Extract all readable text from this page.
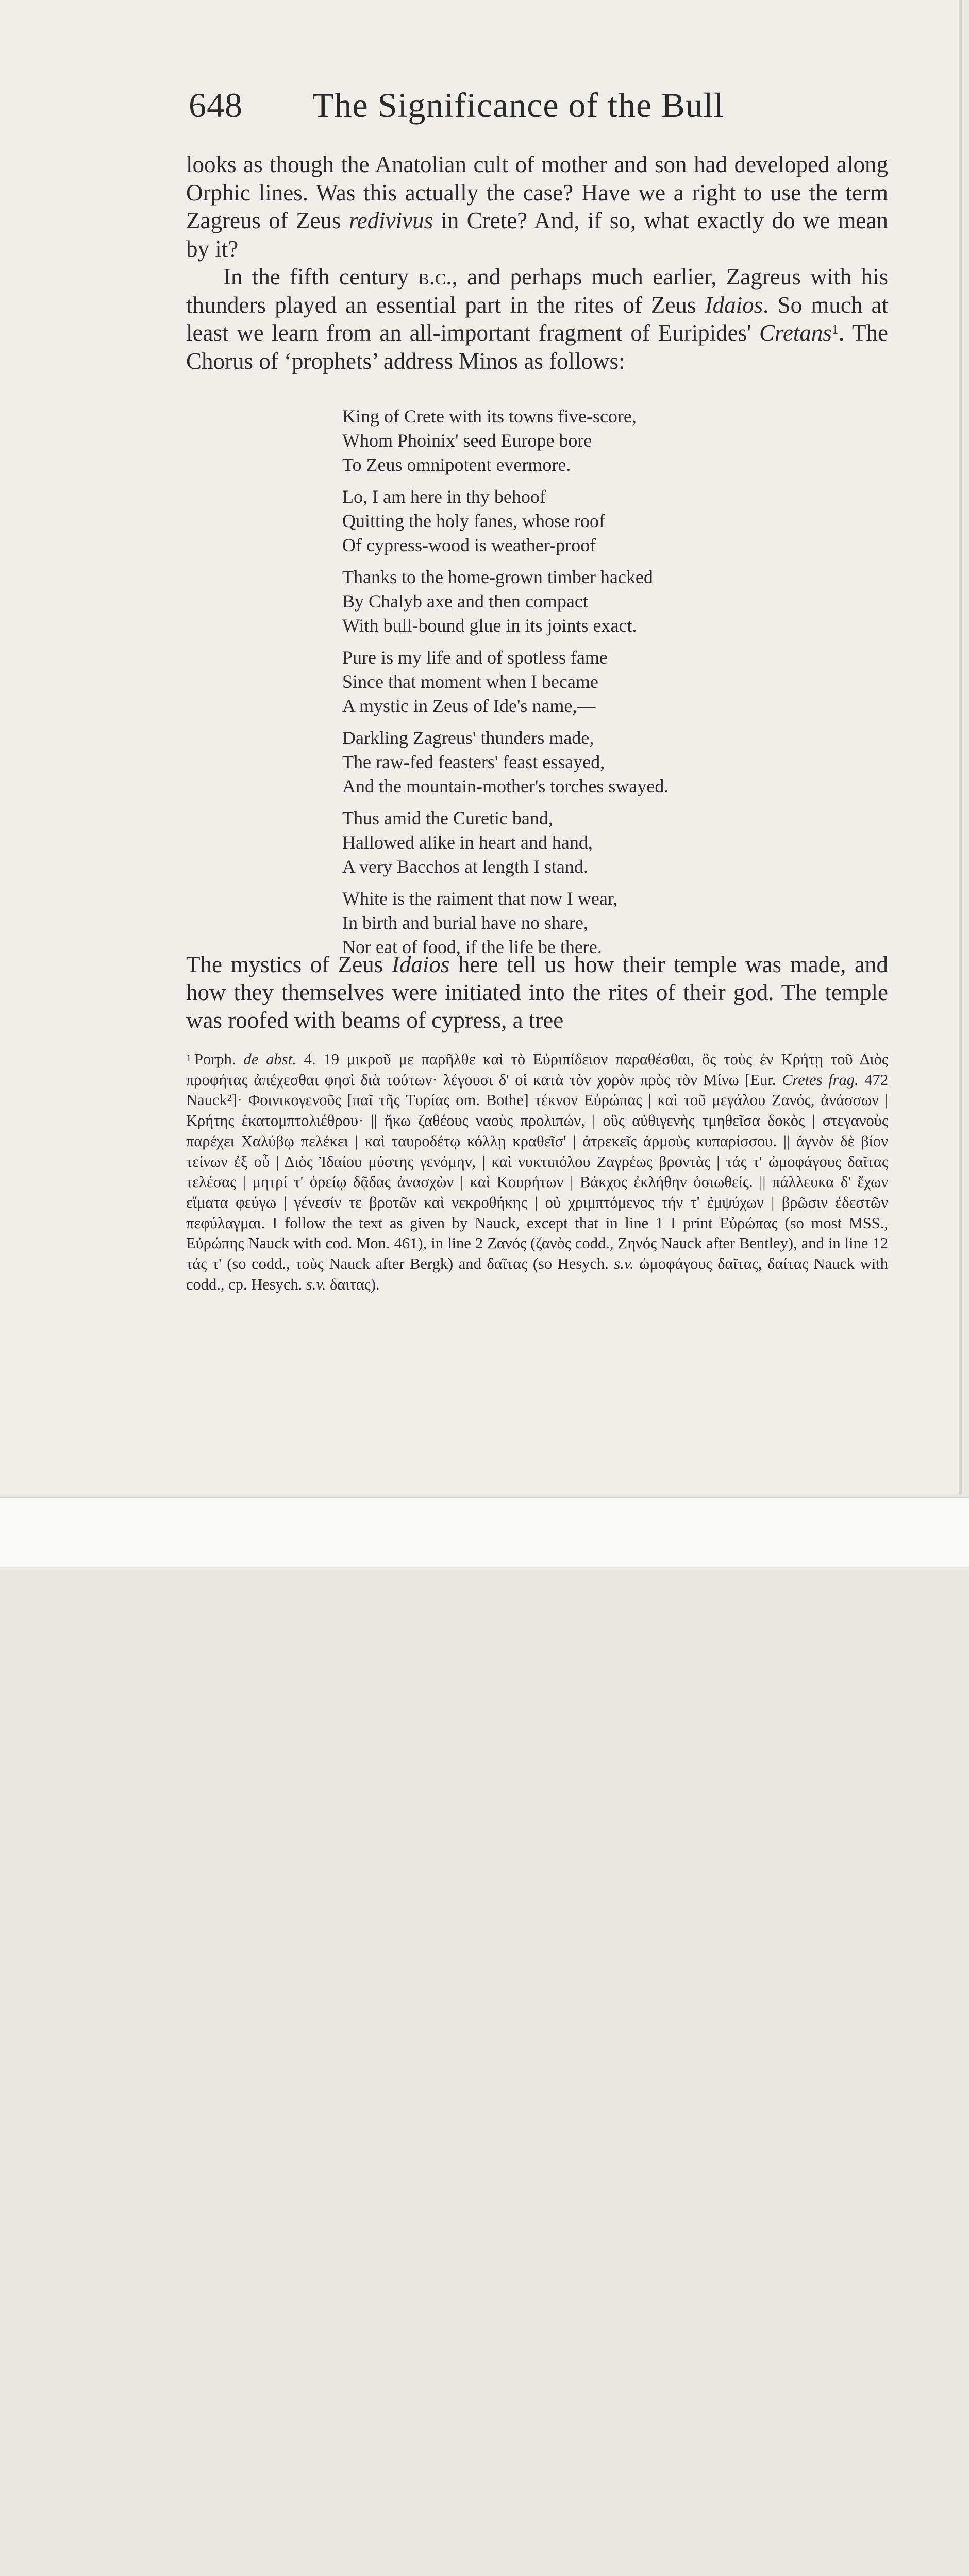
648 The Significance of the Bull

looks as though the Anatolian cult of mother and son had developed along Orphic lines. Was this actually the case? Have we a right to use the term Zagreus of Zeus redivivus in Crete? And, if so, what exactly do we mean by it?

In the fifth century b.c., and perhaps much earlier, Zagreus with his thunders played an essential part in the rites of Zeus Idaios. So much at least we learn from an all-important fragment of Euripides' Cretans$^1$. The Chorus of ‘prophets’ address Minos as follows:

King of Crete with its towns five-score,
Whom Phoinix' seed Europe bore
To Zeus omnipotent evermore.
Lo, I am here in thy behoof
Quitting the holy fanes, whose roof
Of cypress-wood is weather-proof
Thanks to the home-grown timber hacked
By Chalyb axe and then compact
With bull-bound glue in its joints exact.
Pure is my life and of spotless fame
Since that moment when I became
A mystic in Zeus of Ide's name,—
Darkling Zagreus' thunders made,
The raw-fed feasters' feast essayed,
And the mountain-mother's torches swayed.
Thus amid the Curetic band,
Hallowed alike in heart and hand,
A very Bacchos at length I stand.
White is the raiment that now I wear,
In birth and burial have no share,
Nor eat of food, if the life be there.
The mystics of Zeus Idaios here tell us how their temple was made, and how they themselves were initiated into the rites of their god. The temple was roofed with beams of cypress, a tree
$^1$ Porph. de abst. 4. 19 μικροῦ με παρῆλθε καὶ τὸ Εὐριπίδειον παραθέσθαι, ὃς τοὺς ἐν Κρήτῃ τοῦ Διὸς προφήτας ἀπέχεσθαι φησὶ διὰ τούτων· λέγουσι δ' οἱ κατὰ τὸν χορὸν πρὸς τὸν Μίνω [Eur. Cretes frag. 472 Nauck²]· Φοινικογενοῦς [παῖ τῆς Τυρίας om. Bothe] τέκνον Εὐρώπας | καὶ τοῦ μεγάλου Ζανός, ἀνάσσων | Κρήτης ἑκατομπτολιέθρου· || ἥκω ζαθέους ναοὺς προλιπών, | οὓς αὐθιγενὴς τμηθεῖσα δοκὸς | στεγανοὺς παρέχει Χαλύβῳ πελέκει | καὶ ταυροδέτῳ κόλλῃ κραθεῖσ' | ἀτρεκεῖς ἁρμοὺς κυπαρίσσου. || ἁγνὸν δὲ βίον τείνων ἐξ οὗ | Διὸς Ἰδαίου μύστης γενόμην, | καὶ νυκτιπόλου Ζαγρέως βροντὰς | τάς τ' ὠμοφάγους δαῖτας τελέσας | μητρί τ' ὀρείῳ δᾷδας ἀνασχὼν | καὶ Κουρήτων | Βάκχος ἐκλήθην ὁσιωθείς. || πάλλευκα δ' ἔχων εἵματα φεύγω | γένεσίν τε βροτῶν καὶ νεκροθήκης | οὐ χριμπτόμενος τήν τ' ἐμψύχων | βρῶσιν ἐδεστῶν πεφύλαγμαι. I follow the text as given by Nauck, except that in line 1 I print Εὐρώπας (so most MSS., Εὐρώπης Nauck with cod. Mon. 461), in line 2 Ζανός (ζανὸς codd., Ζηνός Nauck after Bentley), and in line 12 τάς τ' (so codd., τοὺς Nauck after Bergk) and δαῖτας (so Hesych. s.v. ὠμοφάγους δαῖτας, δαίτας Nauck with codd., cp. Hesych. s.v. δαιτας).
